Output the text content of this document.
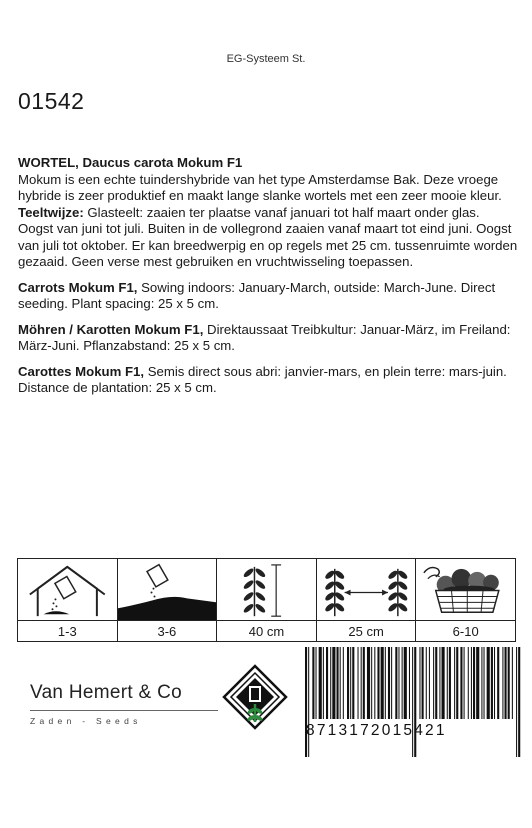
EG-Systeem St.
01542

WORTEL, Daucus carota Mokum F1
Mokum is een echte tuindershybride van het type Amsterdamse Bak. Deze vroege hybride is zeer produktief en maakt lange slanke wortels met een zeer mooie kleur.
Teeltwijze: Glasteelt: zaaien ter plaatse vanaf januari tot half maart onder glas. Oogst van juni tot juli. Buiten in de vollegrond zaaien vanaf maart tot eind juni. Oogst van juli tot oktober. Er kan breedwerpig en op regels met 25 cm. tussenruimte worden gezaaid. Geen verse mest gebruiken en vruchtwisseling toepassen.

Carrots Mokum F1, Sowing indoors: January-March, outside: March-June. Direct seeding. Plant spacing: 25 x 5 cm.

Möhren / Karotten Mokum F1, Direktaussaat Treibkultur: Januar-März, im Freiland: März-Juni. Pflanzabstand: 25 x 5 cm.

Carottes Mokum F1, Semis direct sous abri: janvier-mars, en plein terre: mars-juin. Distance de plantation: 25 x 5 cm.

1-3	3-6	40 cm	25 cm	6-10
Van Hemert & Co
Zaden - Seeds
8713172015421
